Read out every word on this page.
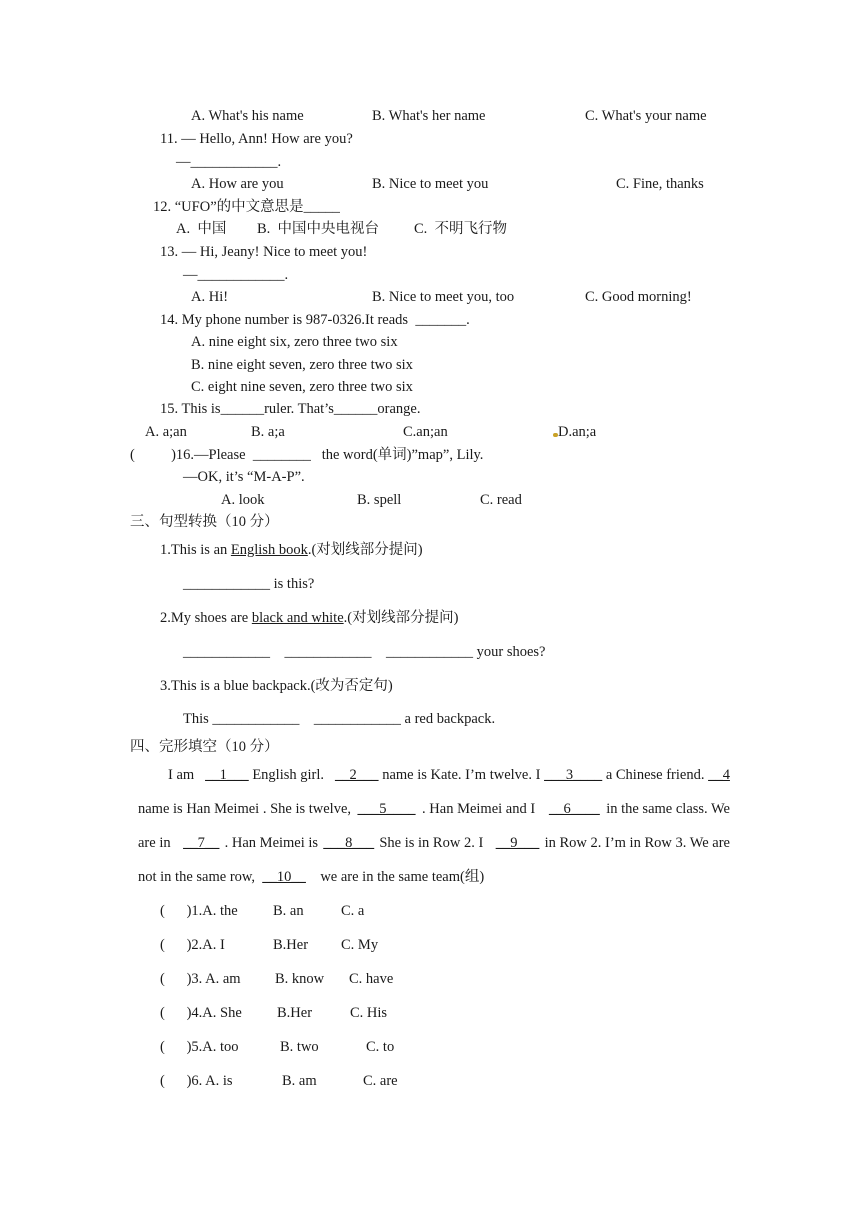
A. What's his name	B. What's her name	C. What's your name
11. — Hello, Ann! How are you?
—____________.
A. How are you	B. Nice to meet you	C. Fine, thanks
12. “UFO”的中文意思是_____
A.  中国 B.  中国中央电视台 C.  不明飞行物
13. — Hi, Jeany! Nice to meet you!
—____________.
A. Hi!	B. Nice to meet you, too	C. Good morning!
14. My phone number is 987-0326.It reads  _______.
A. nine eight six, zero three two six
B. nine eight seven, zero three two six
C. eight nine seven, zero three two six
15. This is______ruler. That’s______orange.
A. a;an	B. a;a	C.an;an	D.an;a
(          )16.―Please  ________   the word(单词)”map”, Lily.
―OK, it’s “M-A-P”.
A. look	B. spell	C. read
三、句型转换（10 分）
1.This is an English book.(对划线部分提问)
____________ is this?
2.My shoes are black and white.(对划线部分提问)
____________    ____________    ____________ your shoes?
3.This is a blue backpack.(改为否定句)
This ____________    ____________ a red backpack.
四、完形填空（10 分）
I am __1___ English girl. __2___ name is Kate. I’m twelve. I ___3____ a Chinese friend. __4
name is Han Meimei . She is twelve, ___5____ . Han Meimei and I __6____ in the same class. We
are in __7__ . Han Meimei is ___8___ She is in Row 2. I __9___ in Row 2. I’m in Row 3. We are
not in the same row,  __10__    we are in the same team(组)
(      )1.A. the B. an	C. a
(      )2.A. I	B.Her C. My
(      )3. A. am B. know C. have
(      )4.A. She B.Her	C. His
(      )5.A. too	B. two	C. to
(      )6. A. is	B. am	C. are
